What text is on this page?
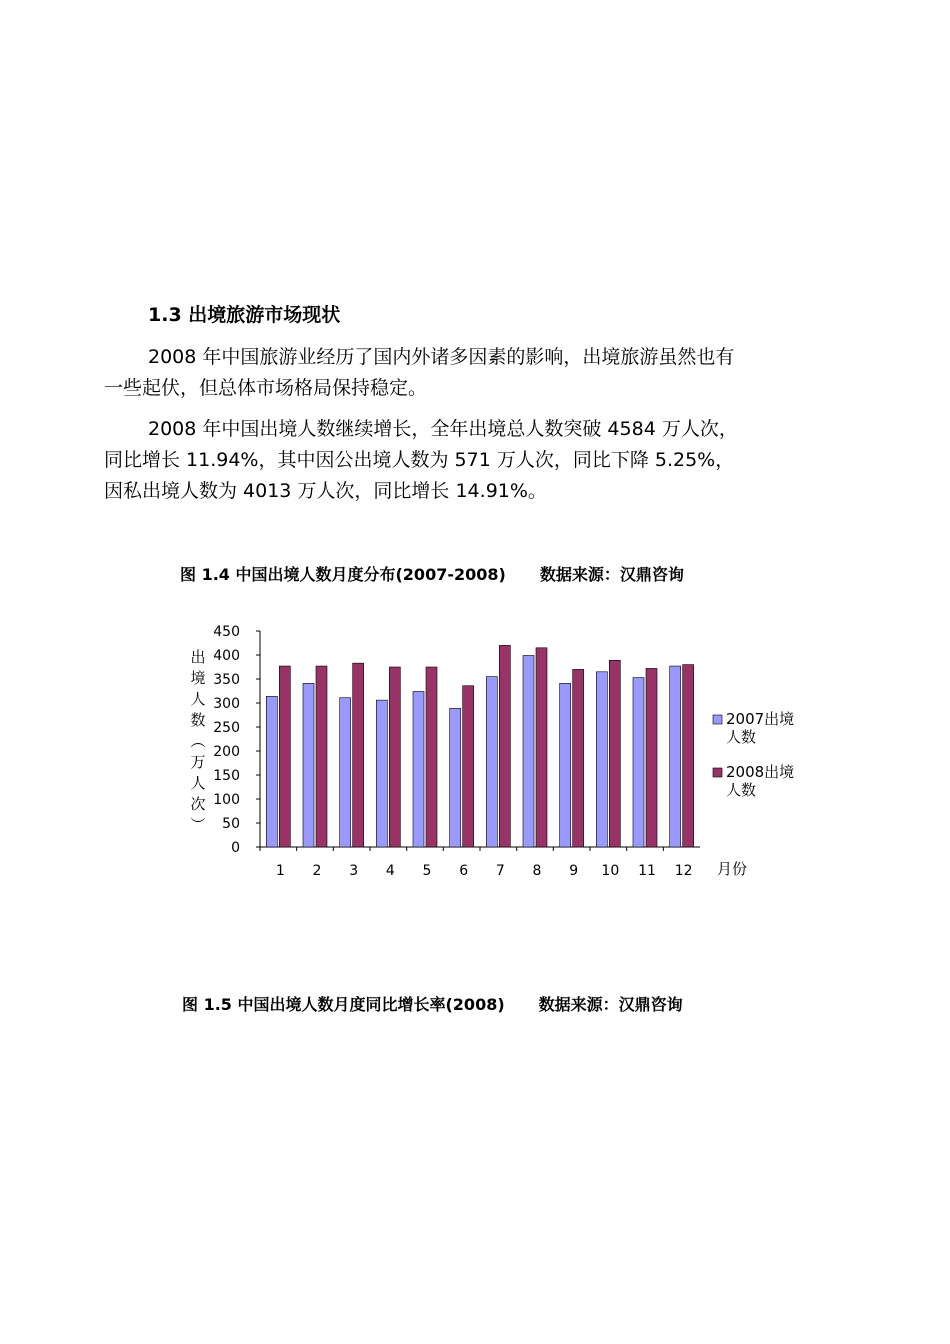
1.3 出境旅游市场现状
2008 年中国旅游业经历了国内外诸多因素的影响，出境旅游虽然也有
一些起伏，但总体市场格局保持稳定。
2008 年中国出境人数继续增长，全年出境总人数突破 4584 万人次，
同比增长 11.94%，其中因公出境人数为 571 万人次，同比下降 5.25%，
因私出境人数为 4013 万人次，同比增长 14.91%。
图 1.4 中国出境人数月度分布(2007-2008) 数据来源：汉鼎咨询
0
50
100
150
200
250
300
350
400
450
1 2 3 4 5 6 7 8 9 10 11 12
出
境
人
数
︵
万
人
次
︶
月份
2007出境
人数
2008出境
人数
图 1.5 中国出境人数月度同比增长率(2008) 数据来源：汉鼎咨询
